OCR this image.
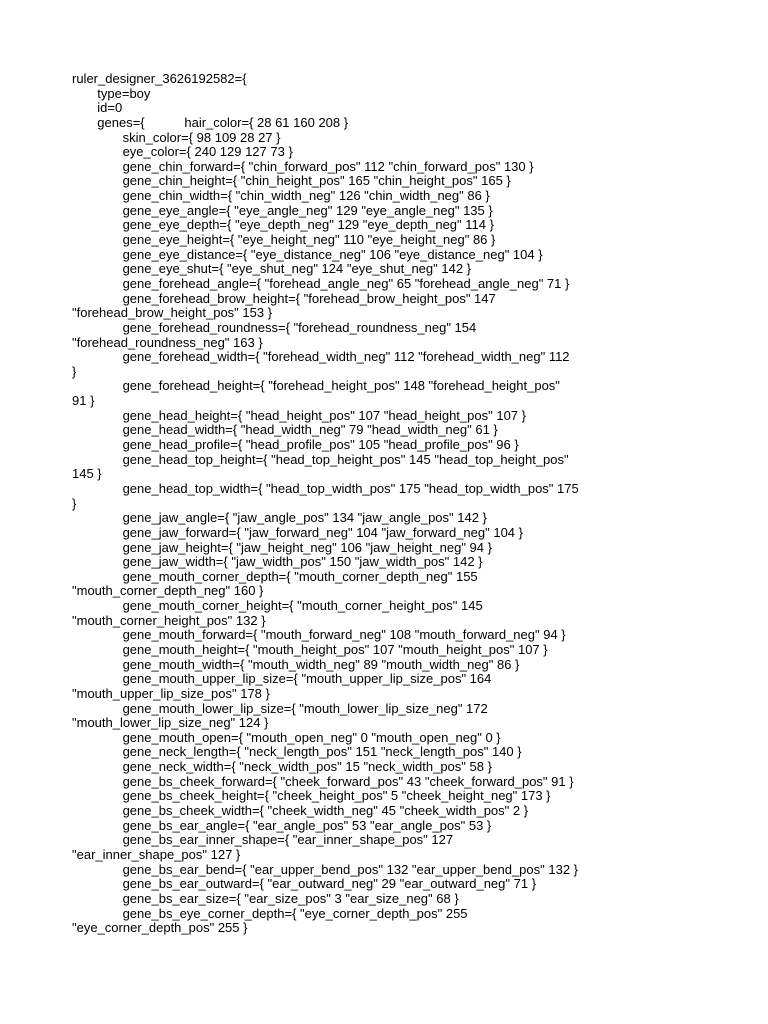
ruler_designer_3626192582={
type=boy
id=0
genes={           hair_color={ 28 61 160 208 }
skin_color={ 98 109 28 27 }
eye_color={ 240 129 127 73 }
gene_chin_forward={ "chin_forward_pos" 112 "chin_forward_pos" 130 }
gene_chin_height={ "chin_height_pos" 165 "chin_height_pos" 165 }
gene_chin_width={ "chin_width_neg" 126 "chin_width_neg" 86 }
gene_eye_angle={ "eye_angle_neg" 129 "eye_angle_neg" 135 }
gene_eye_depth={ "eye_depth_neg" 129 "eye_depth_neg" 114 }
gene_eye_height={ "eye_height_neg" 110 "eye_height_neg" 86 }
gene_eye_distance={ "eye_distance_neg" 106 "eye_distance_neg" 104 }
gene_eye_shut={ "eye_shut_neg" 124 "eye_shut_neg" 142 }
gene_forehead_angle={ "forehead_angle_neg" 65 "forehead_angle_neg" 71 }
gene_forehead_brow_height={ "forehead_brow_height_pos" 147
"forehead_brow_height_pos" 153 }
gene_forehead_roundness={ "forehead_roundness_neg" 154
"forehead_roundness_neg" 163 }
gene_forehead_width={ "forehead_width_neg" 112 "forehead_width_neg" 112
}
gene_forehead_height={ "forehead_height_pos" 148 "forehead_height_pos"
91 }
gene_head_height={ "head_height_pos" 107 "head_height_pos" 107 }
gene_head_width={ "head_width_neg" 79 "head_width_neg" 61 }
gene_head_profile={ "head_profile_pos" 105 "head_profile_pos" 96 }
gene_head_top_height={ "head_top_height_pos" 145 "head_top_height_pos"
145 }
gene_head_top_width={ "head_top_width_pos" 175 "head_top_width_pos" 175
}
gene_jaw_angle={ "jaw_angle_pos" 134 "jaw_angle_pos" 142 }
gene_jaw_forward={ "jaw_forward_neg" 104 "jaw_forward_neg" 104 }
gene_jaw_height={ "jaw_height_neg" 106 "jaw_height_neg" 94 }
gene_jaw_width={ "jaw_width_pos" 150 "jaw_width_pos" 142 }
gene_mouth_corner_depth={ "mouth_corner_depth_neg" 155
"mouth_corner_depth_neg" 160 }
gene_mouth_corner_height={ "mouth_corner_height_pos" 145
"mouth_corner_height_pos" 132 }
gene_mouth_forward={ "mouth_forward_neg" 108 "mouth_forward_neg" 94 }
gene_mouth_height={ "mouth_height_pos" 107 "mouth_height_pos" 107 }
gene_mouth_width={ "mouth_width_neg" 89 "mouth_width_neg" 86 }
gene_mouth_upper_lip_size={ "mouth_upper_lip_size_pos" 164
"mouth_upper_lip_size_pos" 178 }
gene_mouth_lower_lip_size={ "mouth_lower_lip_size_neg" 172
"mouth_lower_lip_size_neg" 124 }
gene_mouth_open={ "mouth_open_neg" 0 "mouth_open_neg" 0 }
gene_neck_length={ "neck_length_pos" 151 "neck_length_pos" 140 }
gene_neck_width={ "neck_width_pos" 15 "neck_width_pos" 58 }
gene_bs_cheek_forward={ "cheek_forward_pos" 43 "cheek_forward_pos" 91 }
gene_bs_cheek_height={ "cheek_height_pos" 5 "cheek_height_neg" 173 }
gene_bs_cheek_width={ "cheek_width_neg" 45 "cheek_width_pos" 2 }
gene_bs_ear_angle={ "ear_angle_pos" 53 "ear_angle_pos" 53 }
gene_bs_ear_inner_shape={ "ear_inner_shape_pos" 127
"ear_inner_shape_pos" 127 }
gene_bs_ear_bend={ "ear_upper_bend_pos" 132 "ear_upper_bend_pos" 132 }
gene_bs_ear_outward={ "ear_outward_neg" 29 "ear_outward_neg" 71 }
gene_bs_ear_size={ "ear_size_pos" 3 "ear_size_neg" 68 }
gene_bs_eye_corner_depth={ "eye_corner_depth_pos" 255
"eye_corner_depth_pos" 255 }
